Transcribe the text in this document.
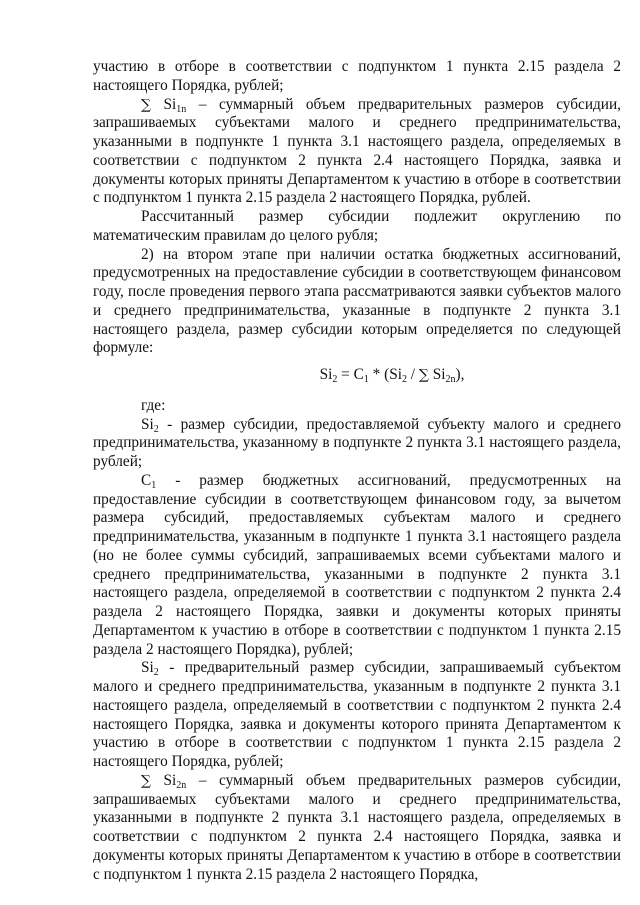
участию в отборе в соответствии с подпунктом 1 пункта 2.15 раздела 2 настоящего Порядка, рублей;

∑ $Si_{1n}$ – суммарный объем предварительных размеров субсидии, запрашиваемых субъектами малого и среднего предпринимательства, указанными в подпункте 1 пункта 3.1 настоящего раздела, определяемых в соответствии с подпунктом 2 пункта 2.4 настоящего Порядка, заявка и документы которых приняты Департаментом к участию в отборе в соответствии с подпунктом 1 пункта 2.15 раздела 2 настоящего Порядка, рублей.

Рассчитанный размер субсидии подлежит округлению по математическим правилам до целого рубля;

2) на втором этапе при наличии остатка бюджетных ассигнований, предусмотренных на предоставление субсидии в соответствующем финансовом году, после проведения первого этапа рассматриваются заявки субъектов малого и среднего предпринимательства, указанные в подпункте 2 пункта 3.1 настоящего раздела, размер субсидии которым определяется по следующей формуле:

$Si_2 = C_1 * (Si_2$ / ∑ $Si_{2n}$),

где:

$Si_2$ - размер субсидии, предоставляемой субъекту малого и среднего предпринимательства, указанному в подпункте 2 пункта 3.1 настоящего раздела, рублей;

$C_1$ - размер бюджетных ассигнований, предусмотренных на предоставление субсидии в соответствующем финансовом году, за вычетом размера субсидий, предоставляемых субъектам малого и среднего предпринимательства, указанным в подпункте 1 пункта 3.1 настоящего раздела (но не более суммы субсидий, запрашиваемых всеми субъектами малого и среднего предпринимательства, указанными в подпункте 2 пункта 3.1 настоящего раздела, определяемой в соответствии с подпунктом 2 пункта 2.4 раздела 2 настоящего Порядка, заявки и документы которых приняты Департаментом к участию в отборе в соответствии с подпунктом 1 пункта 2.15 раздела 2 настоящего Порядка), рублей;

$Si_2$ - предварительный размер субсидии, запрашиваемый субъектом малого и среднего предпринимательства, указанным в подпункте 2 пункта 3.1 настоящего раздела, определяемый в соответствии с подпунктом 2 пункта 2.4 настоящего Порядка, заявка и документы которого принята Департаментом к участию в отборе в соответствии с подпунктом 1 пункта 2.15 раздела 2 настоящего Порядка, рублей;

∑ $Si_{2n}$ – суммарный объем предварительных размеров субсидии, запрашиваемых субъектами малого и среднего предпринимательства, указанными в подпункте 2 пункта 3.1 настоящего раздела, определяемых в соответствии с подпунктом 2 пункта 2.4 настоящего Порядка, заявка и документы которых приняты Департаментом к участию в отборе в соответствии с подпунктом 1 пункта 2.15 раздела 2 настоящего Порядка,
